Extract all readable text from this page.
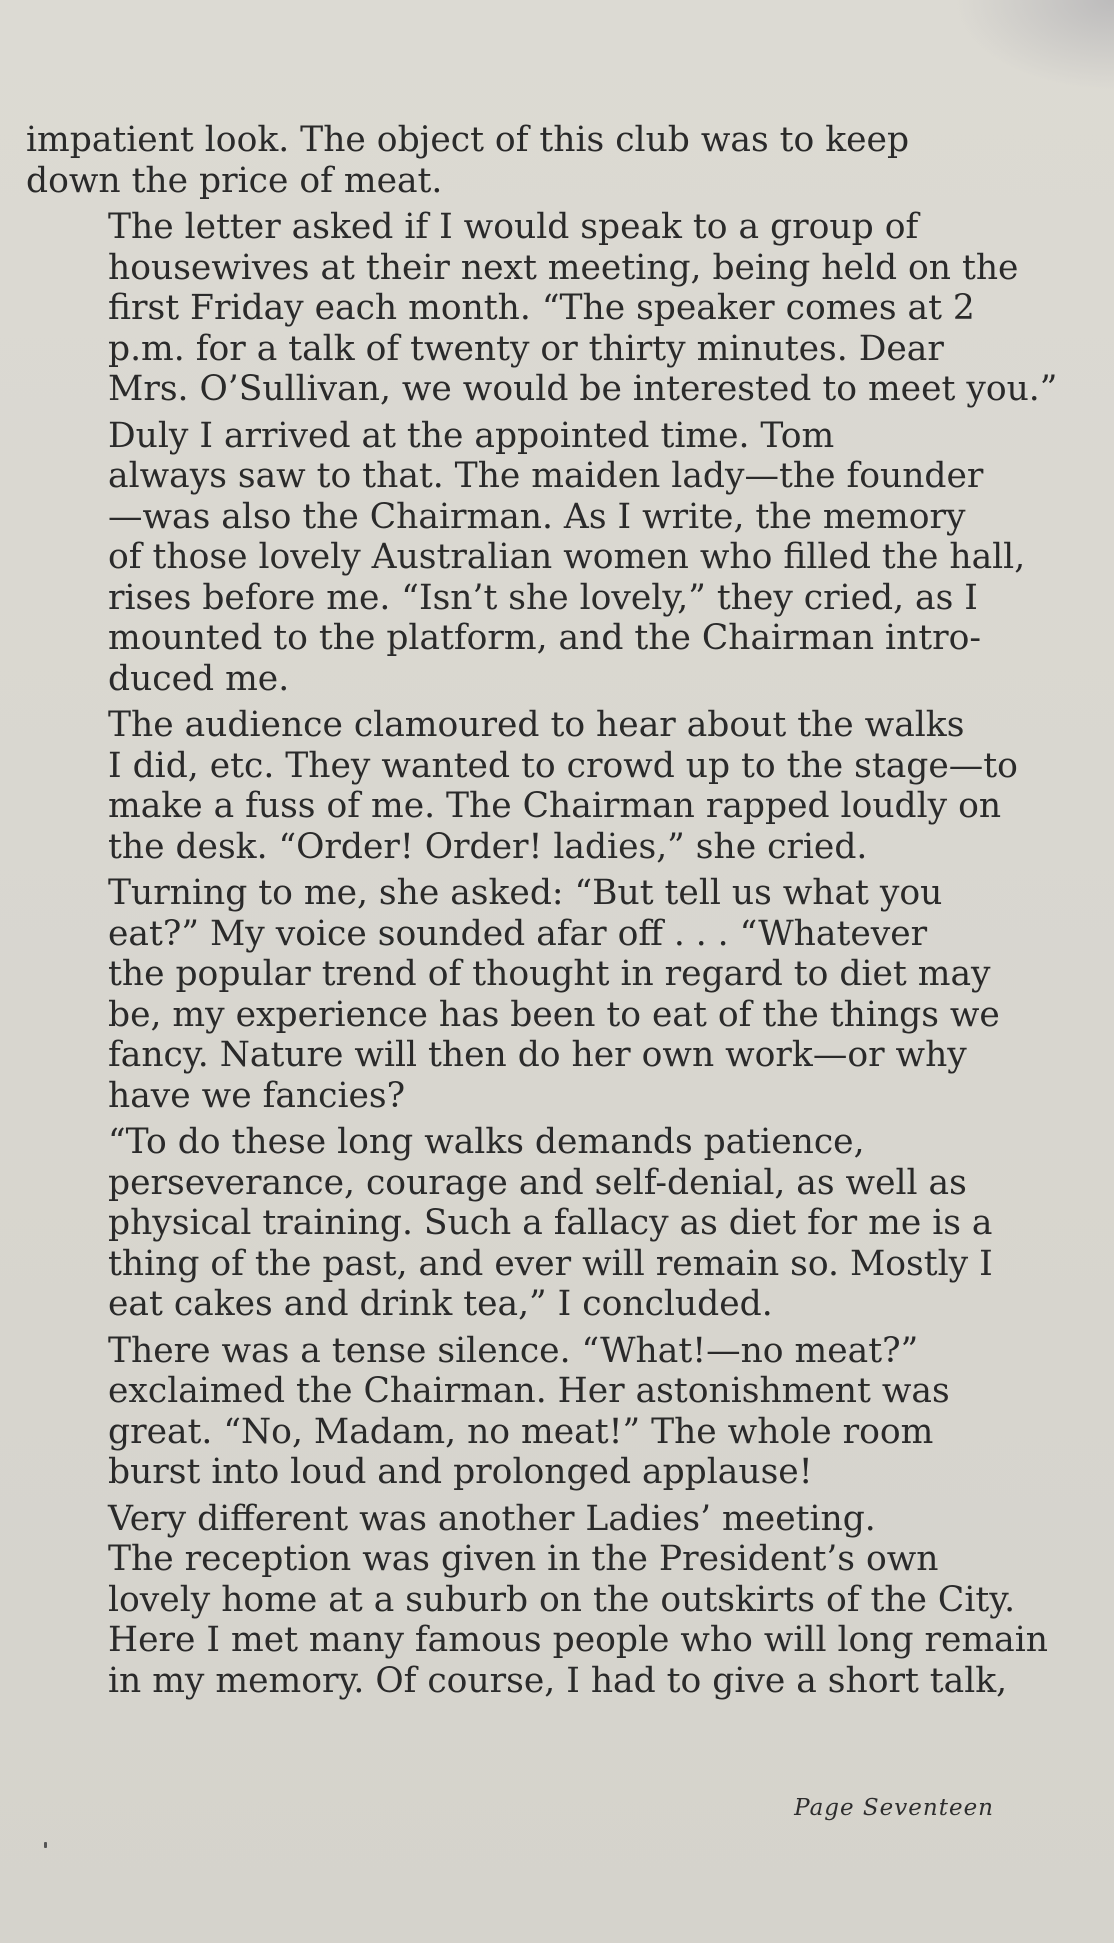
impatient look. The object of this club was to keep
down the price of meat.

The letter asked if I would speak to a group of
housewives at their next meeting, being held on the
first Friday each month. “The speaker comes at 2
p.m. for a talk of twenty or thirty minutes. Dear
Mrs. O’Sullivan, we would be interested to meet you.”

Duly I arrived at the appointed time. Tom
always saw to that. The maiden lady—the founder
—was also the Chairman. As I write, the memory
of those lovely Australian women who filled the hall,
rises before me. “Isn’t she lovely,” they cried, as I
mounted to the platform, and the Chairman intro-
duced me.

The audience clamoured to hear about the walks
I did, etc. They wanted to crowd up to the stage—to
make a fuss of me. The Chairman rapped loudly on
the desk. “Order! Order! ladies,” she cried.

Turning to me, she asked: “But tell us what you
eat?” My voice sounded afar off . . . “Whatever
the popular trend of thought in regard to diet may
be, my experience has been to eat of the things we
fancy. Nature will then do her own work—or why
have we fancies?

“To do these long walks demands patience,
perseverance, courage and self-denial, as well as
physical training. Such a fallacy as diet for me is a
thing of the past, and ever will remain so. Mostly I
eat cakes and drink tea,” I concluded.

There was a tense silence. “What!—no meat?”
exclaimed the Chairman. Her astonishment was
great. “No, Madam, no meat!” The whole room
burst into loud and prolonged applause!

Very different was another Ladies’ meeting.
The reception was given in the President’s own
lovely home at a suburb on the outskirts of the City.
Here I met many famous people who will long remain
in my memory. Of course, I had to give a short talk,

Page Seventeen
